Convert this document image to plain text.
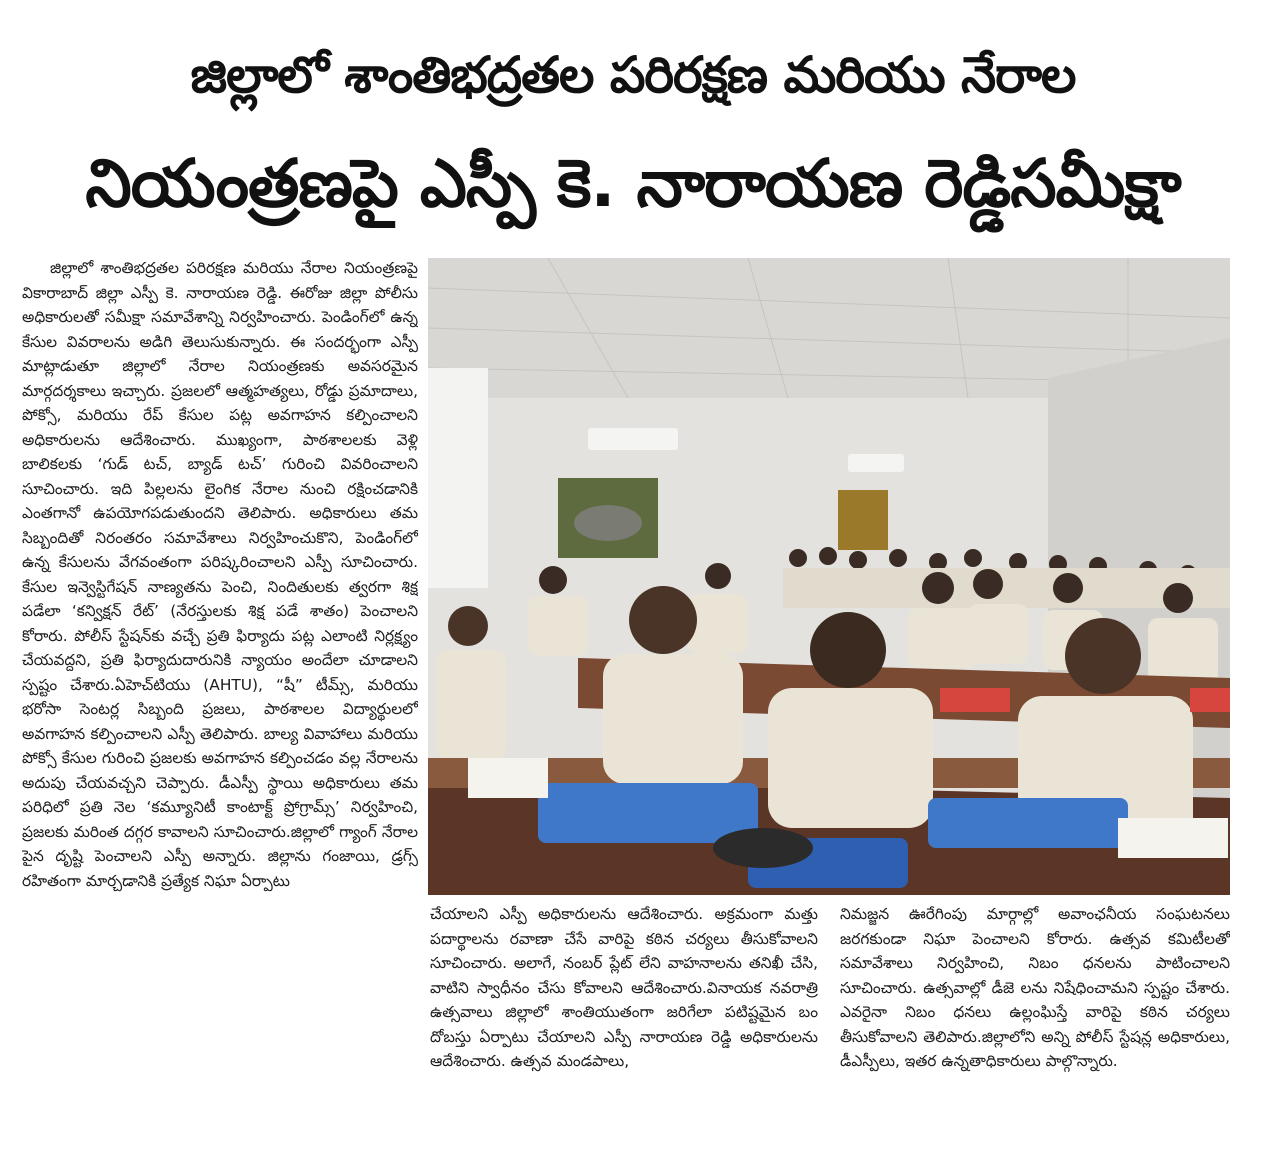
జిల్లాలో శాంతిభద్రతల పరిరక్షణ మరియు నేరాల
నియంత్రణపై ఎస్పీ కె. నారాయణ రెడ్డిసమీక్షా
జిల్లాలో శాంతిభద్రతల పరిరక్షణ మరియు నేరాల నియంత్రణపై వికారాబాద్ జిల్లా ఎస్పీ కె. నారాయణ రెడ్డి. ఈరోజు జిల్లా పోలీసు అధికారులతో సమీక్షా సమావేశాన్ని నిర్వహించారు. పెండింగ్‌లో ఉన్న కేసుల వివరాలను అడిగి తెలుసుకున్నారు. ఈ సందర్భంగా ఎస్పీ మాట్లాడుతూ జిల్లాలో నేరాల నియంత్రణకు అవసరమైన మార్గదర్శకాలు ఇచ్చారు. ప్రజలలో ఆత్మహత్యలు, రోడ్డు ప్రమాదాలు, పోక్సో, మరియు రేప్ కేసుల పట్ల అవగాహన కల్పించాలని అధికారులను ఆదేశించారు. ముఖ్యంగా, పాఠశాలలకు వెళ్లి బాలికలకు ‘గుడ్ టచ్, బ్యాడ్ టచ్’ గురించి వివరించాలని సూచించారు. ఇది పిల్లలను లైంగిక నేరాల నుంచి రక్షించడానికి ఎంతగానో ఉపయోగపడుతుందని తెలిపారు. అధికారులు తమ సిబ్బందితో నిరంతరం సమావేశాలు నిర్వహించుకొని, పెండింగ్‌లో ఉన్న కేసులను వేగవంతంగా పరిష్కరించాలని ఎస్పీ సూచించారు. కేసుల ఇన్వెస్టిగేషన్ నాణ్యతను పెంచి, నిందితులకు త్వరగా శిక్ష పడేలా ‘కన్విక్షన్ రేట్’ (నేరస్తులకు శిక్ష పడే శాతం) పెంచాలని కోరారు. పోలీస్ స్టేషన్‌కు వచ్చే ప్రతి ఫిర్యాదు పట్ల ఎలాంటి నిర్లక్ష్యం చేయవద్దని, ప్రతి ఫిర్యాదుదారునికి న్యాయం అందేలా చూడాలని స్పష్టం చేశారు.ఏహెచ్‌టియు (AHTU), “షీ” టీమ్స్, మరియు భరోసా సెంటర్ల సిబ్బంది ప్రజలు, పాఠశాలల విద్యార్థులలో అవగాహన కల్పించాలని ఎస్పీ తెలిపారు. బాల్య వివాహాలు మరియు పోక్సో కేసుల గురించి ప్రజలకు అవగాహన కల్పించడం వల్ల నేరాలను అదుపు చేయవచ్చని చెప్పారు. డీఎస్పీ స్థాయి అధికారులు తమ పరిధిలో ప్రతి నెల ‘కమ్యూనిటీ కాంటాక్ట్ ప్రోగ్రామ్స్’ నిర్వహించి, ప్రజలకు మరింత దగ్గర కావాలని సూచించారు.జిల్లాలో గ్యాంగ్ నేరాల పైన దృష్టి పెంచాలని ఎస్పీ అన్నారు. జిల్లాను గంజాయి, డ్రగ్స్ రహితంగా మార్చడానికి ప్రత్యేక నిఘా ఏర్పాటు
చేయాలని ఎస్పీ అధికారులను ఆదేశించారు. అక్రమంగా మత్తు పదార్థాలను రవాణా చేసే వారిపై కఠిన చర్యలు తీసుకోవాలని సూచించారు. అలాగే, నంబర్ ప్లేట్ లేని వాహనాలను తనిఖీ చేసి, వాటిని స్వాధీనం చేసు కోవాలని ఆదేశించారు.వినాయక నవరాత్రి ఉత్సవాలు జిల్లాలో శాంతియుతంగా జరిగేలా పటిష్టమైన బం దోబస్తు ఏర్పాటు చేయాలని ఎస్పీ నారాయణ రెడ్డి అధికారులను ఆదేశించారు. ఉత్సవ మండపాలు,
నిమజ్జన ఊరేగింపు మార్గాల్లో అవాంఛనీయ సంఘటనలు జరగకుండా నిఘా పెంచాలని కోరారు. ఉత్సవ కమిటీలతో సమావేశాలు నిర్వహించి, నిబం ధనలను పాటించాలని సూచించారు. ఉత్సవాల్లో డీజె లను నిషేధించామని స్పష్టం చేశారు. ఎవరైనా నిబం ధనలు ఉల్లంఘిస్తే వారిపై కఠిన చర్యలు తీసుకోవాలని తెలిపారు.జిల్లాలోని అన్ని పోలీస్ స్టేషన్ల అధికారులు, డీఎస్పీలు, ఇతర ఉన్నతాధికారులు పాల్గొన్నారు.
